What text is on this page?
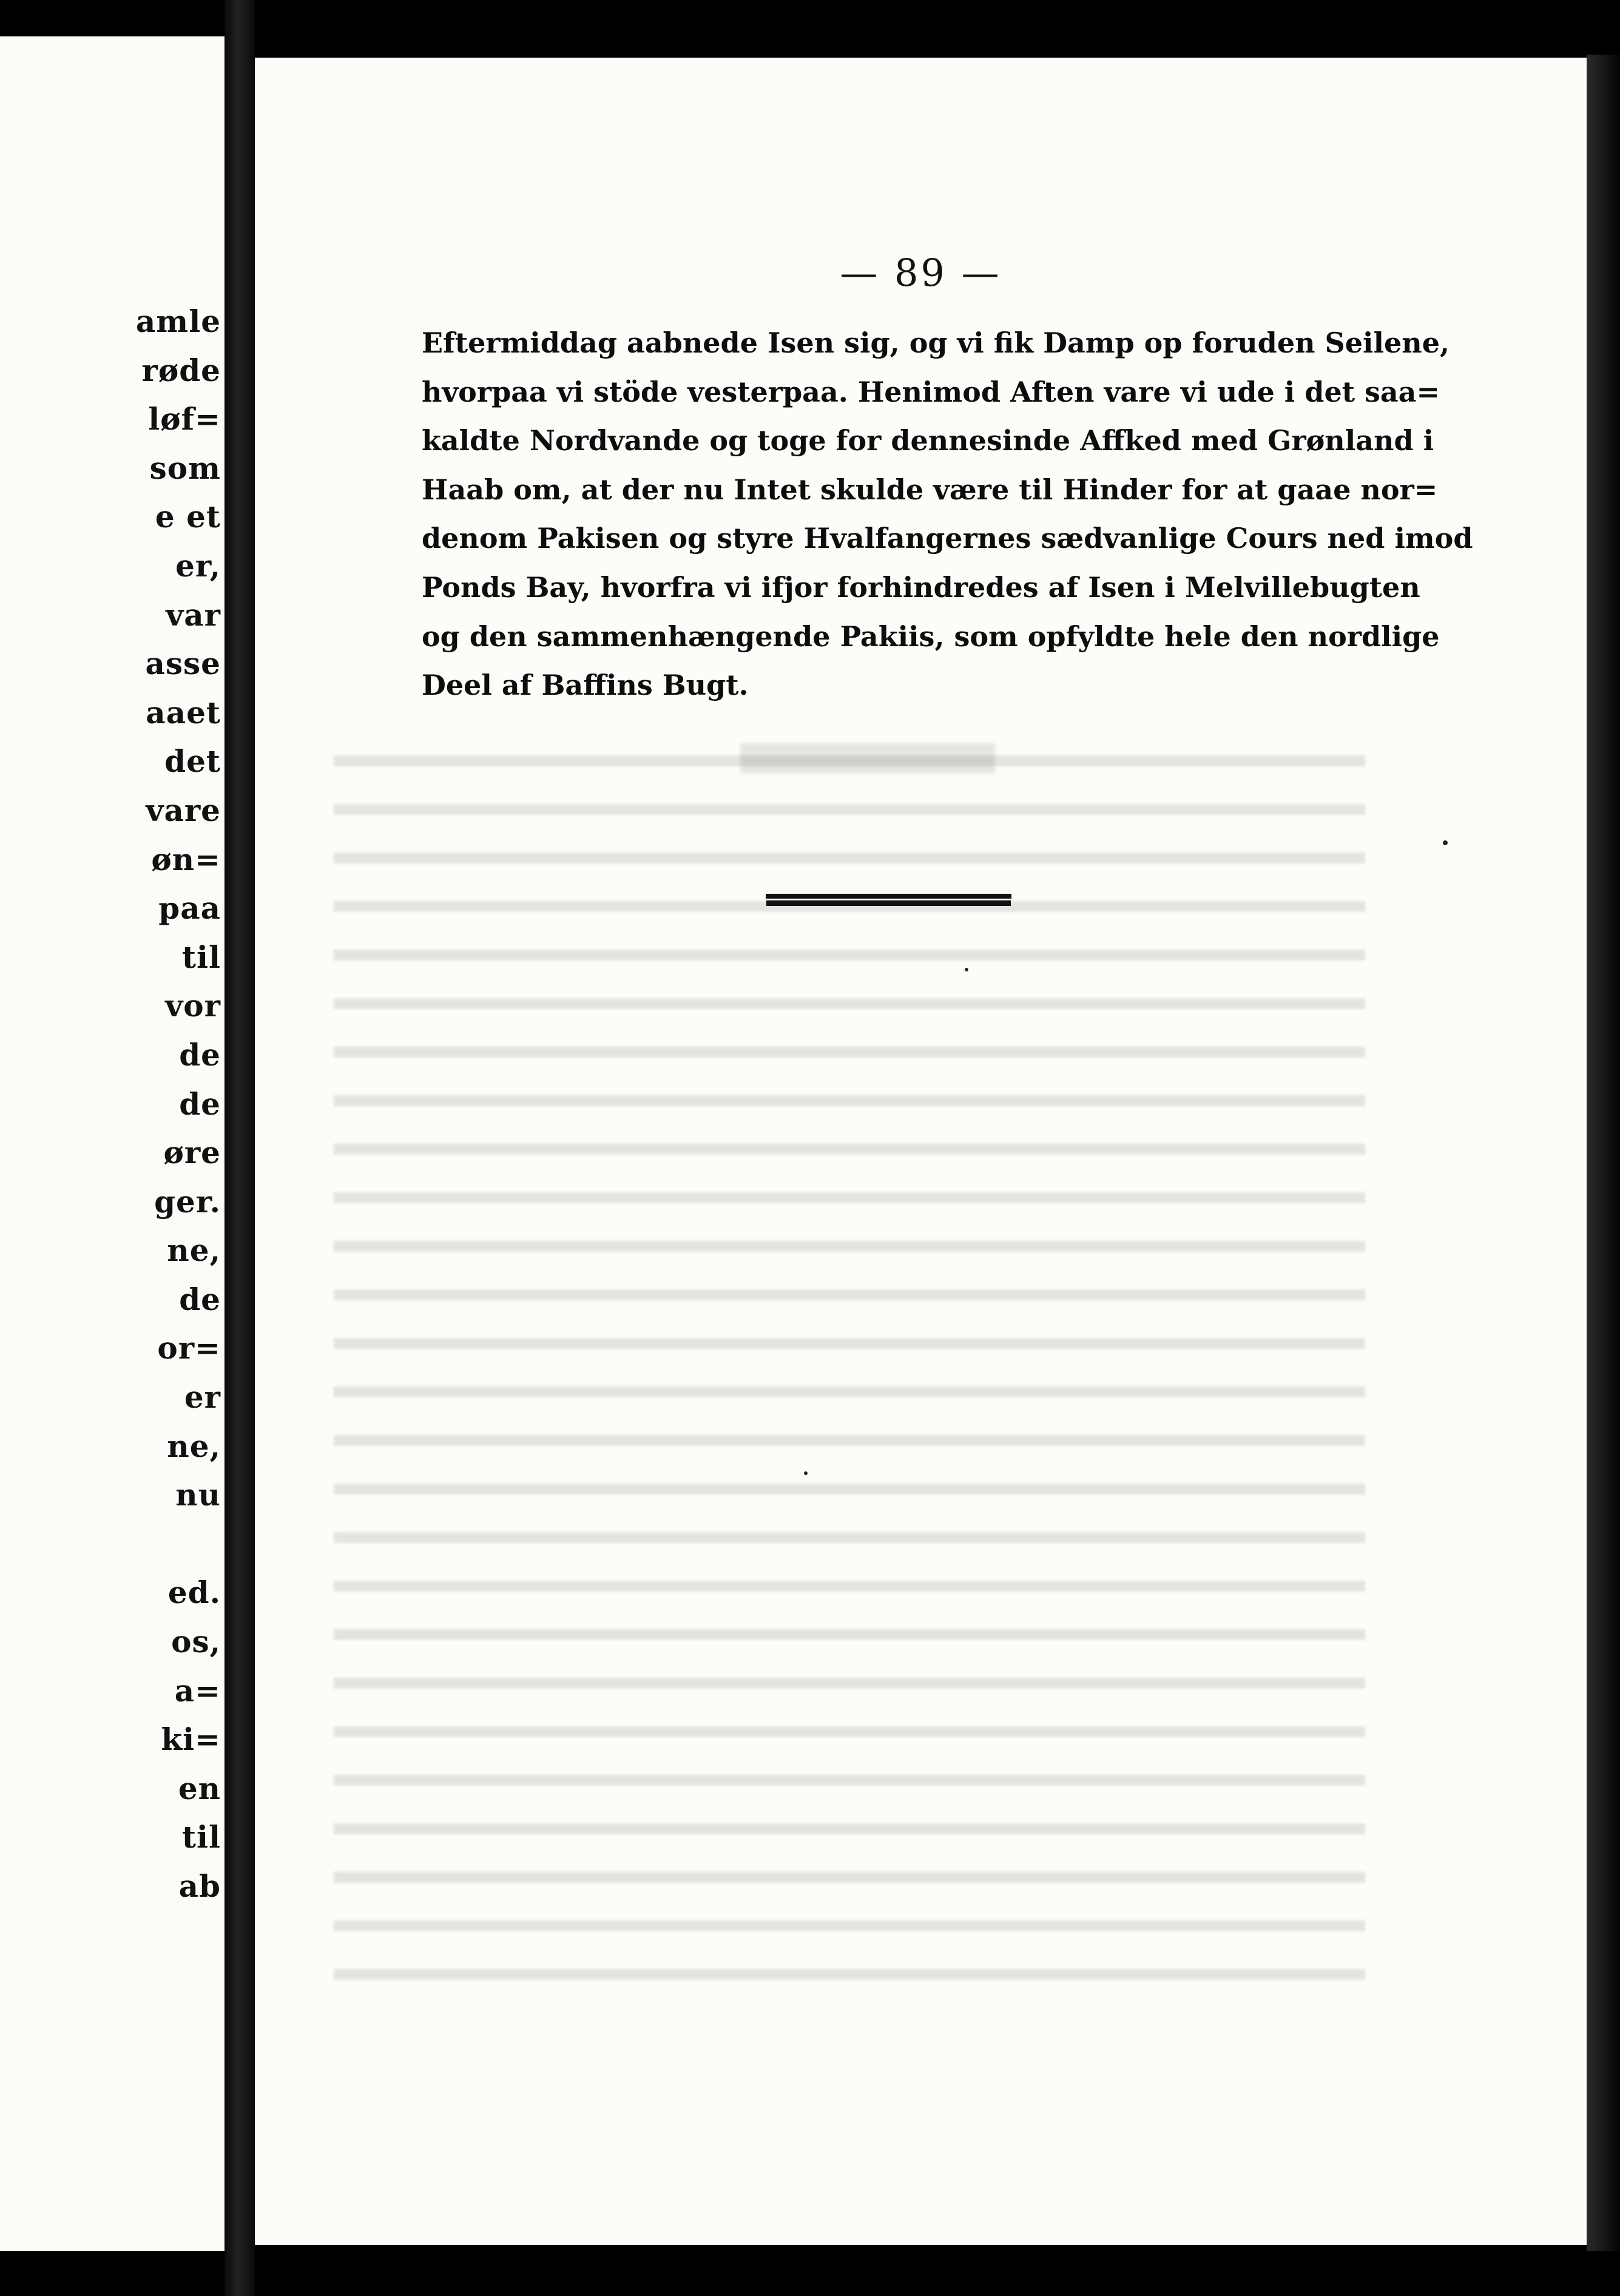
amle
røde
løf=
som
e et
er,
var
asse
aaet
det
vare
øn=
paa
til
vor
de
de
øre
ger.
ne,
de
or=
er
ne,
nu
ed.
os,
a=
ki=
en
til
ab
— 89 —
Eftermiddag aabnede Isen sig, og vi fik Damp op foruden Seilene,
hvorpaa vi stöde vesterpaa. Henimod Aften vare vi ude i det saa=
kaldte Nordvande og toge for dennesinde Affked med Grønland i
Haab om, at der nu Intet skulde være til Hinder for at gaae nor=
denom Pakisen og styre Hvalfangernes sædvanlige Cours ned imod
Ponds Bay, hvorfra vi ifjor forhindredes af Isen i Melvillebugten
og den sammenhængende Pakiis, som opfyldte hele den nordlige
Deel af Baffins Bugt.
